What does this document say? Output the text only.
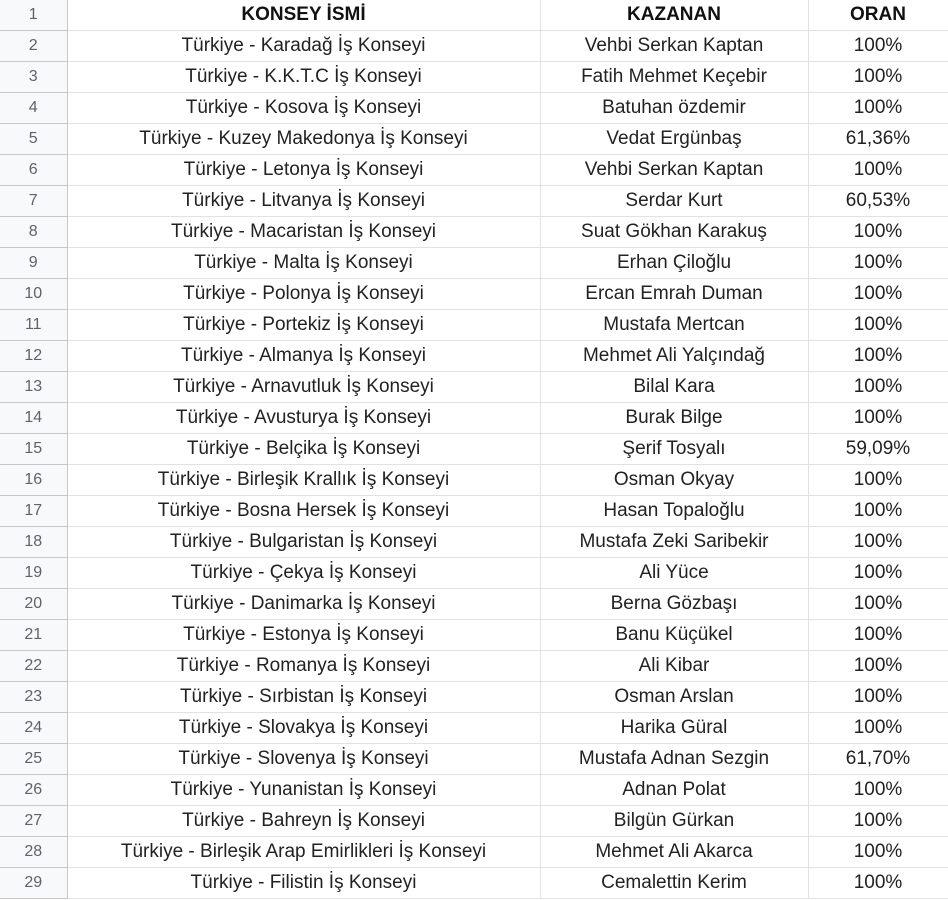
1	KONSEY İSMİ	KAZANAN	ORAN
2	Türkiye - Karadağ İş Konseyi	Vehbi Serkan Kaptan	100%
3	Türkiye - K.K.T.C İş Konseyi	Fatih Mehmet Keçebir	100%
4	Türkiye - Kosova İş Konseyi	Batuhan özdemir	100%
5	Türkiye - Kuzey Makedonya İş Konseyi	Vedat Ergünbaş	61,36%
6	Türkiye - Letonya İş Konseyi	Vehbi Serkan Kaptan	100%
7	Türkiye - Litvanya İş Konseyi	Serdar Kurt	60,53%
8	Türkiye - Macaristan İş Konseyi	Suat Gökhan Karakuş	100%
9	Türkiye - Malta İş Konseyi	Erhan Çiloğlu	100%
10	Türkiye - Polonya İş Konseyi	Ercan Emrah Duman	100%
11	Türkiye - Portekiz İş Konseyi	Mustafa Mertcan	100%
12	Türkiye - Almanya İş Konseyi	Mehmet Ali Yalçındağ	100%
13	Türkiye - Arnavutluk İş Konseyi	Bilal Kara	100%
14	Türkiye - Avusturya İş Konseyi	Burak Bilge	100%
15	Türkiye - Belçika İş Konseyi	Şerif Tosyalı	59,09%
16	Türkiye - Birleşik Krallık İş Konseyi	Osman Okyay	100%
17	Türkiye - Bosna Hersek İş Konseyi	Hasan Topaloğlu	100%
18	Türkiye - Bulgaristan İş Konseyi	Mustafa Zeki Saribekir	100%
19	Türkiye - Çekya İş Konseyi	Ali Yüce	100%
20	Türkiye - Danimarka İş Konseyi	Berna Gözbaşı	100%
21	Türkiye - Estonya İş Konseyi	Banu Küçükel	100%
22	Türkiye - Romanya İş Konseyi	Ali Kibar	100%
23	Türkiye - Sırbistan İş Konseyi	Osman Arslan	100%
24	Türkiye - Slovakya İş Konseyi	Harika Güral	100%
25	Türkiye - Slovenya İş Konseyi	Mustafa Adnan Sezgin	61,70%
26	Türkiye - Yunanistan İş Konseyi	Adnan Polat	100%
27	Türkiye - Bahreyn İş Konseyi	Bilgün Gürkan	100%
28	Türkiye - Birleşik Arap Emirlikleri İş Konseyi	Mehmet Ali Akarca	100%
29	Türkiye - Filistin İş Konseyi	Cemalettin Kerim	100%
